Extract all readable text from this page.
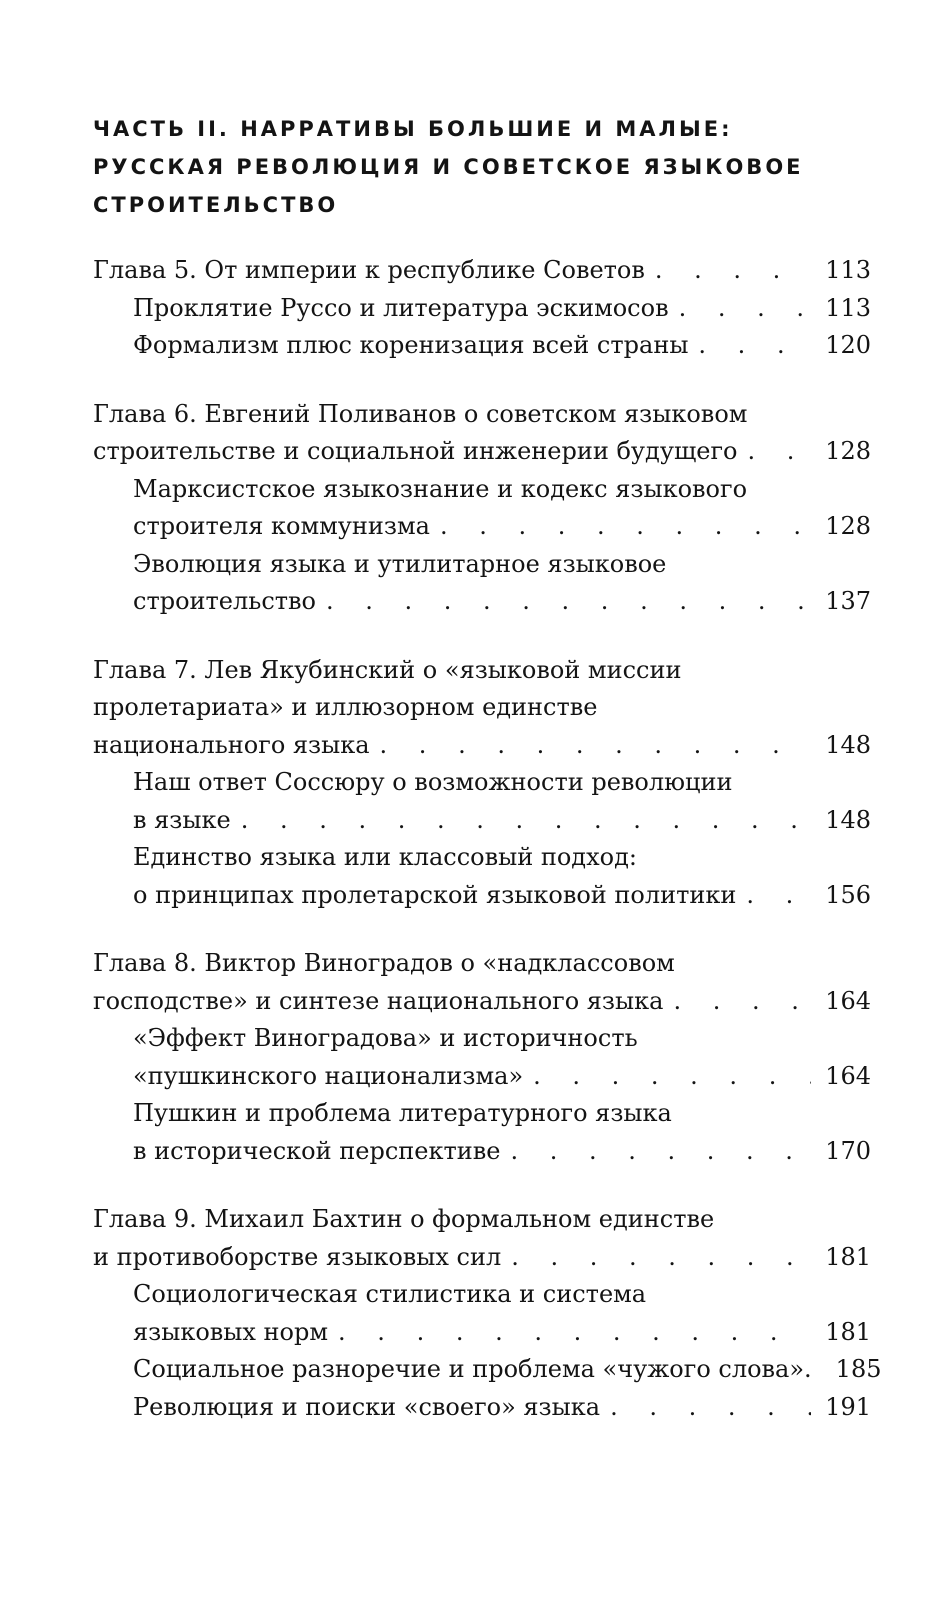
ЧАСТЬ II. НАРРАТИВЫ БОЛЬШИЕ И МАЛЫЕ:
РУССКАЯ РЕВОЛЮЦИЯ И СОВЕТСКОЕ ЯЗЫКОВОЕ
СТРОИТЕЛЬСТВО
Глава 5. От империи к республике Советов . . .	113
Проклятие Руссо и литература эскимосов . . .	113
Формализм плюс коренизация всей страны . . .	120
Глава 6. Евгений Поливанов о советском языковом
строительстве и социальной инженерии будущего . . .	128
Марксистское языкознание и кодекс языкового
строителя коммунизма . . .	128
Эволюция языка и утилитарное языковое
строительство . . .	137
Глава 7. Лев Якубинский о «языковой миссии
пролетариата» и иллюзорном единстве
национального языка . . .	148
Наш ответ Соссюру о возможности революции
в языке . . .	148
Единство языка или классовый подход:
о принципах пролетарской языковой политики . . .	156
Глава 8. Виктор Виноградов о «надклассовом
господстве» и синтезе национального языка . . .	164
«Эффект Виноградова» и историчность
«пушкинского национализма» . . .	164
Пушкин и проблема литературного языка
в исторической перспективе . . .	170
Глава 9. Михаил Бахтин о формальном единстве
и противоборстве языковых сил . . .	181
Социологическая стилистика и система
языковых норм . . .	181
Социальное разноречие и проблема «чужого слова». . . .	185
Революция и поиски «своего» языка . . .	191
